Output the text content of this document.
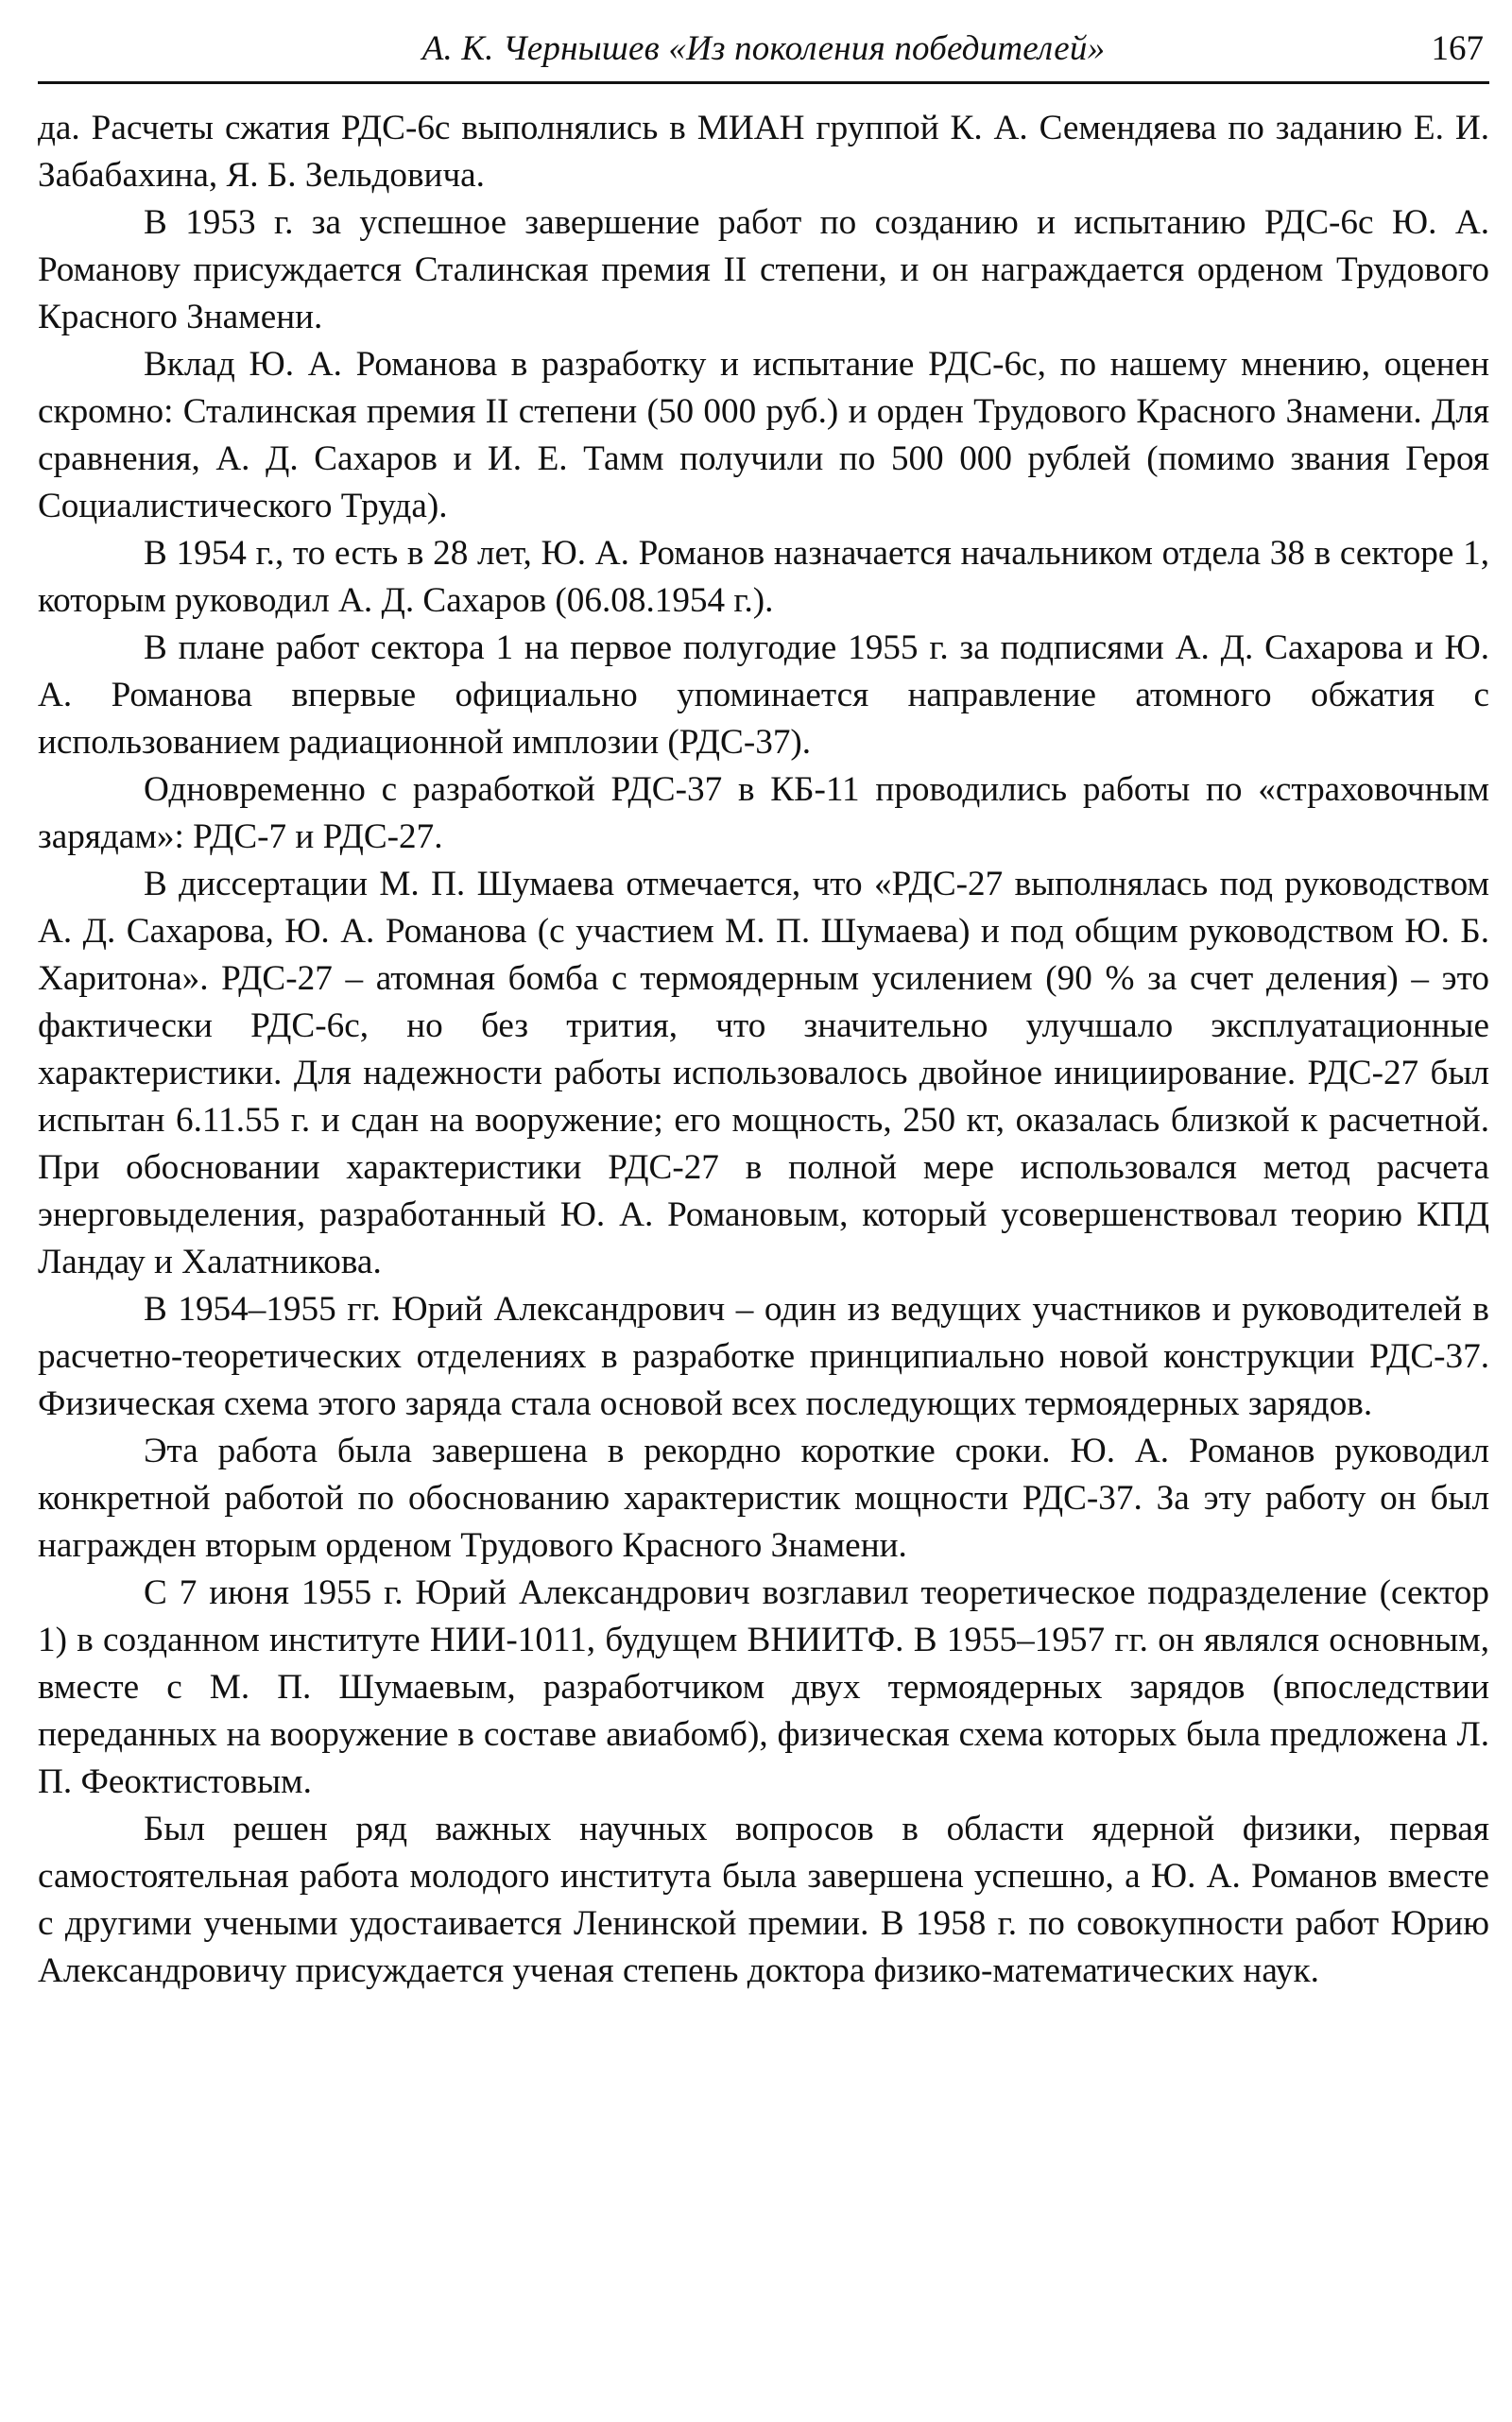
А. К. Чернышев «Из поколения победителей»	167

да. Расчеты сжатия РДС-6с выполнялись в МИАН группой К. А. Семендяева по заданию Е. И. Забабахина, Я. Б. Зельдовича.

В 1953 г. за успешное завершение работ по созданию и испытанию РДС-6с Ю. А. Романову присуждается Сталинская премия II степени, и он награждается орденом Трудового Красного Знамени.

Вклад Ю. А. Романова в разработку и испытание РДС-6с, по нашему мнению, оценен скромно: Сталинская премия II степени (50 000 руб.) и орден Трудового Красного Знамени. Для сравнения, А. Д. Сахаров и И. Е. Тамм получили по 500 000 рублей (помимо звания Героя Социалистического Труда).

В 1954 г., то есть в 28 лет, Ю. А. Романов назначается начальником отдела 38 в секторе 1, которым руководил А. Д. Сахаров (06.08.1954 г.).

В плане работ сектора 1 на первое полугодие 1955 г. за подписями А. Д. Сахарова и Ю. А. Романова впервые официально упоминается направление атомного обжатия с использованием радиационной имплозии (РДС-37).

Одновременно с разработкой РДС-37 в КБ-11 проводились работы по «страховочным зарядам»: РДС-7 и РДС-27.

В диссертации М. П. Шумаева отмечается, что «РДС-27 выполнялась под руководством А. Д. Сахарова, Ю. А. Романова (с участием М. П. Шумаева) и под общим руководством Ю. Б. Харитона». РДС-27 – атомная бомба с термоядерным усилением (90 % за счет деления) – это фактически РДС-6с, но без трития, что значительно улучшало эксплуатационные характеристики. Для надежности работы использовалось двойное инициирование. РДС-27 был испытан 6.11.55 г. и сдан на вооружение; его мощность, 250 кт, оказалась близкой к расчетной. При обосновании характеристики РДС-27 в полной мере использовался метод расчета энерговыделения, разработанный Ю. А. Романовым, который усовершенствовал теорию КПД Ландау и Халатникова.

В 1954–1955 гг. Юрий Александрович – один из ведущих участников и руководителей в расчетно-теоретических отделениях в разработке принципиально новой конструкции РДС-37. Физическая схема этого заряда стала основой всех последующих термоядерных зарядов.

Эта работа была завершена в рекордно короткие сроки. Ю. А. Романов руководил конкретной работой по обоснованию характеристик мощности РДС-37. За эту работу он был награжден вторым орденом Трудового Красного Знамени.

С 7 июня 1955 г. Юрий Александрович возглавил теоретическое подразделение (сектор 1) в созданном институте НИИ-1011, будущем ВНИИТФ. В 1955–1957 гг. он являлся основным, вместе с М. П. Шумаевым, разработчиком двух термоядерных зарядов (впоследствии переданных на вооружение в составе авиабомб), физическая схема которых была предложена Л. П. Феоктистовым.

Был решен ряд важных научных вопросов в области ядерной физики, первая самостоятельная работа молодого института была завершена успешно, а Ю. А. Романов вместе с другими учеными удостаивается Ленинской премии. В 1958 г. по совокупности работ Юрию Александровичу присуждается ученая степень доктора физико-математических наук.
